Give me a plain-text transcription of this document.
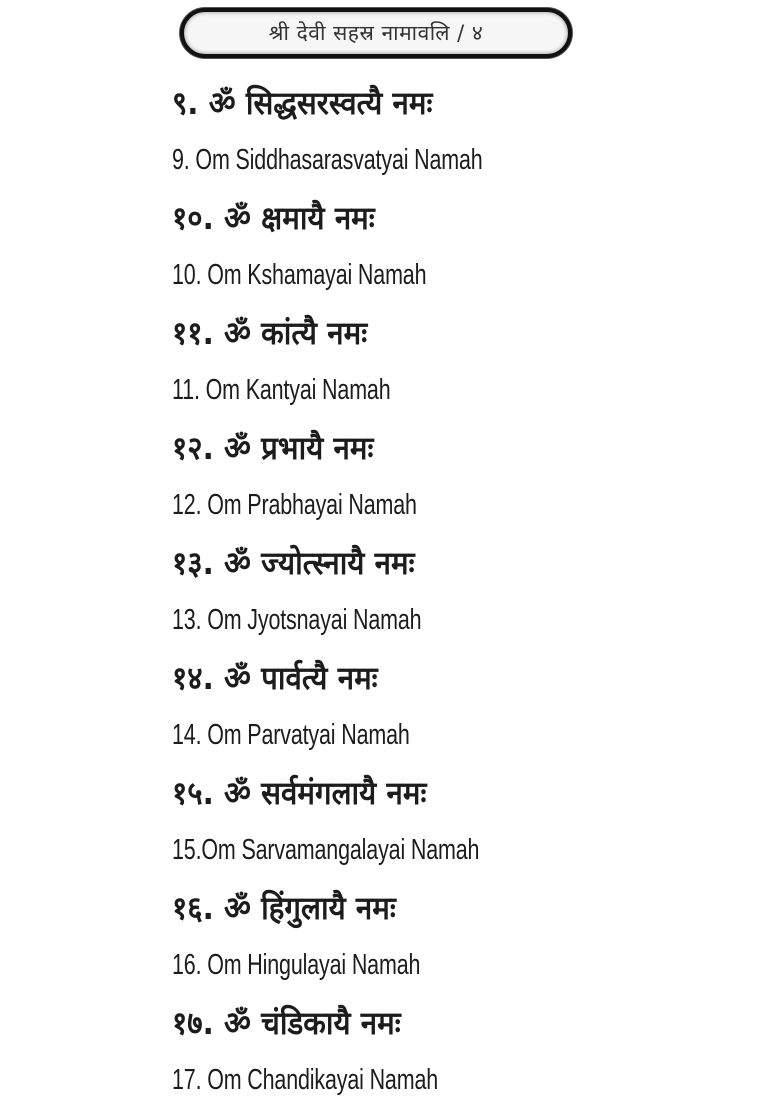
श्री देवी सहस्र नामावलि / ४
९. ॐ सिद्धसरस्वत्यै नमः
9. Om Siddhasarasvatyai Namah
१०. ॐ क्षमायै नमः
10. Om Kshamayai Namah
११. ॐ कांत्यै नमः
11. Om Kantyai Namah
१२. ॐ प्रभायै नमः
12. Om Prabhayai Namah
१३. ॐ ज्योत्स्नायै नमः
13. Om Jyotsnayai Namah
१४. ॐ पार्वत्यै नमः
14. Om Parvatyai Namah
१५. ॐ सर्वमंगलायै नमः
15.Om Sarvamangalayai Namah
१६. ॐ हिंगुलायै नमः
16. Om Hingulayai Namah
१७. ॐ चंडिकायै नमः
17. Om Chandikayai Namah
